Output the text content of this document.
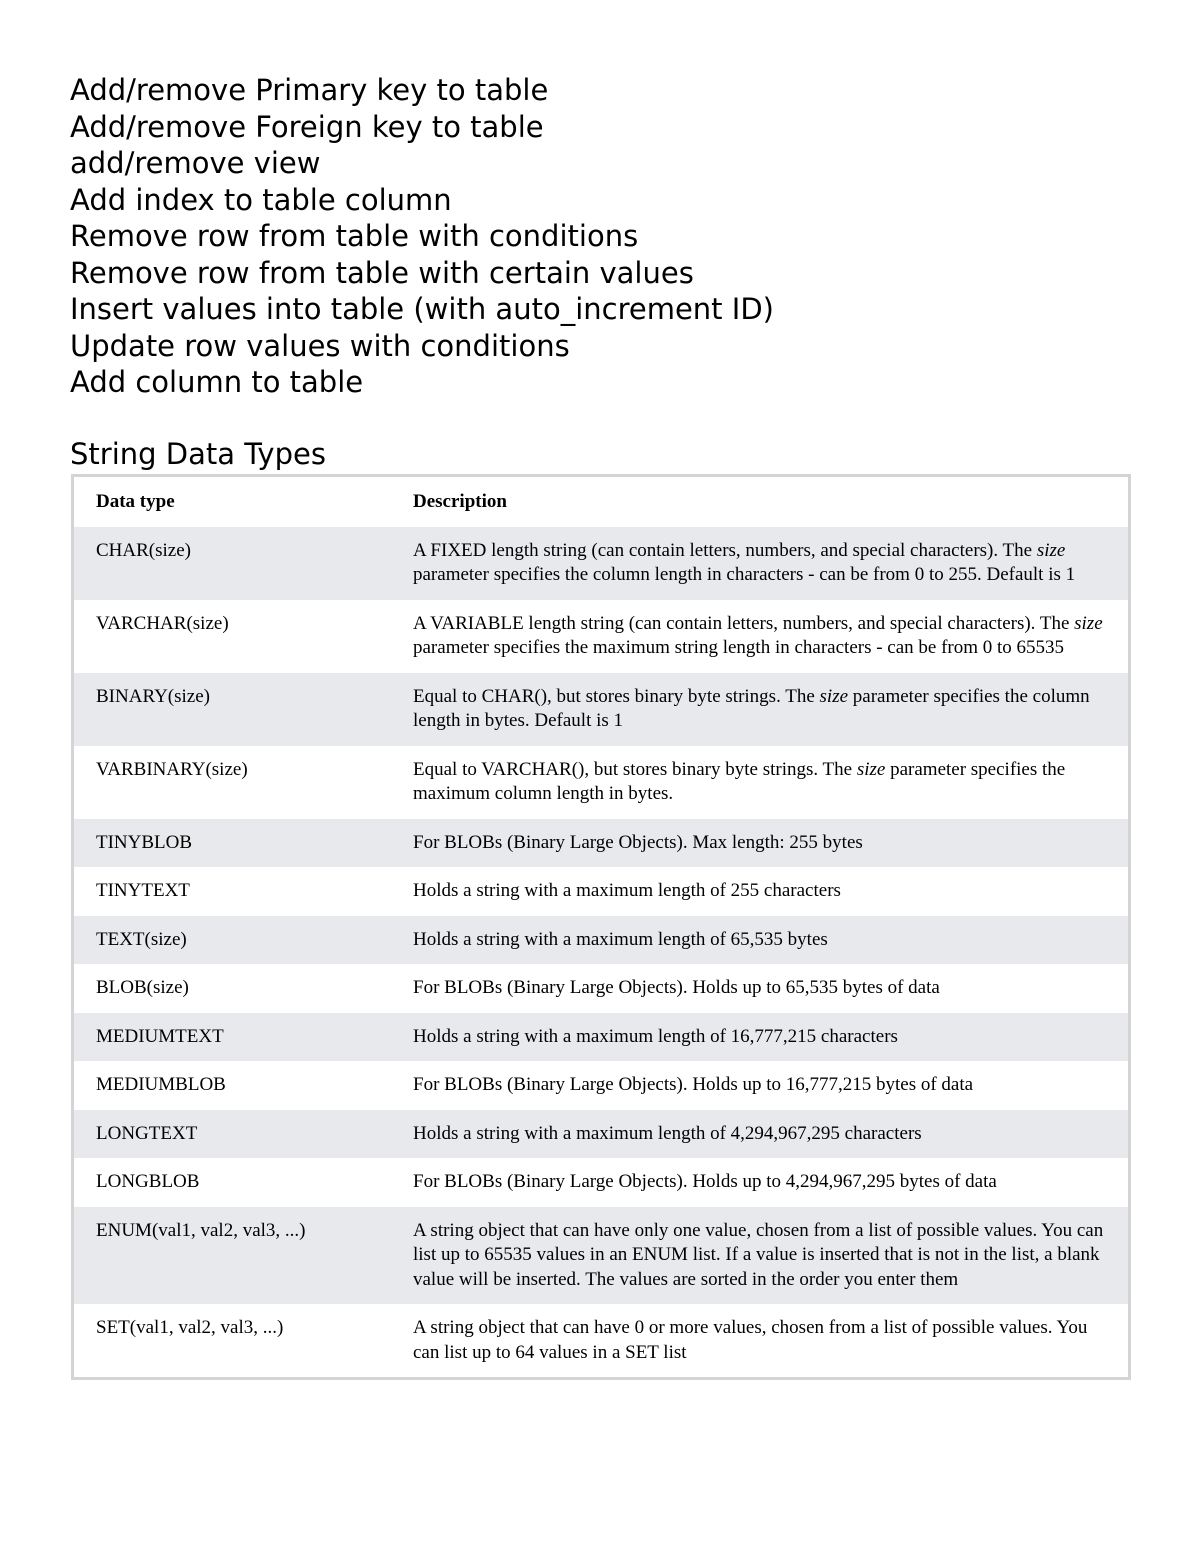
Add/remove Primary key to table
Add/remove Foreign key to table
add/remove view
Add index to table column
Remove row from table with conditions
Remove row from table with certain values
Insert values into table (with auto_increment ID)
Update row values with conditions
Add column to table
String Data Types
Data type	Description
CHAR(size)	A FIXED length string (can contain letters, numbers, and special characters). The size parameter specifies the column length in characters - can be from 0 to 255. Default is 1
VARCHAR(size)	A VARIABLE length string (can contain letters, numbers, and special characters). The size parameter specifies the maximum string length in characters - can be from 0 to 65535
BINARY(size)	Equal to CHAR(), but stores binary byte strings. The size parameter specifies the column length in bytes. Default is 1
VARBINARY(size)	Equal to VARCHAR(), but stores binary byte strings. The size parameter specifies the maximum column length in bytes.
TINYBLOB	For BLOBs (Binary Large Objects). Max length: 255 bytes
TINYTEXT	Holds a string with a maximum length of 255 characters
TEXT(size)	Holds a string with a maximum length of 65,535 bytes
BLOB(size)	For BLOBs (Binary Large Objects). Holds up to 65,535 bytes of data
MEDIUMTEXT	Holds a string with a maximum length of 16,777,215 characters
MEDIUMBLOB	For BLOBs (Binary Large Objects). Holds up to 16,777,215 bytes of data
LONGTEXT	Holds a string with a maximum length of 4,294,967,295 characters
LONGBLOB	For BLOBs (Binary Large Objects). Holds up to 4,294,967,295 bytes of data
ENUM(val1, val2, val3, ...)	A string object that can have only one value, chosen from a list of possible values. You can list up to 65535 values in an ENUM list. If a value is inserted that is not in the list, a blank value will be inserted. The values are sorted in the order you enter them
SET(val1, val2, val3, ...)	A string object that can have 0 or more values, chosen from a list of possible values. You can list up to 64 values in a SET list
